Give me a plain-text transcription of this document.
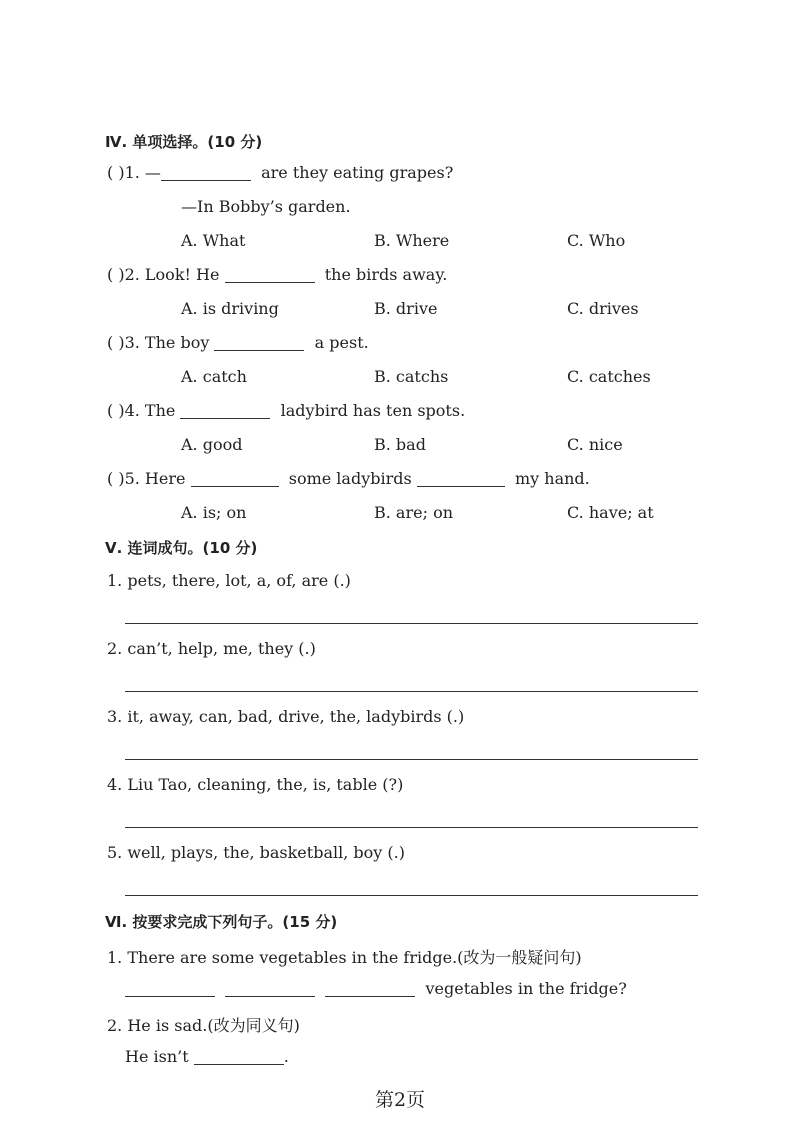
Ⅳ. 单项选择。(10 分)
( )1. —	are they eating grapes?
—In Bobby’s garden.
A. What	B. Where	C. Who
( )2. Look! He	the birds away.
A. is driving	B. drive	C. drives
( )3. The boy	a pest.
A. catch	B. catchs	C. catches
( )4. The	ladybird has ten spots.
A. good	B. bad	C. nice
( )5. Here	some ladybirds	my hand.
A. is; on	B. are; on	C. have; at
Ⅴ. 连词成句。(10 分)
1. pets, there, lot, a, of, are (.)
2. can’t, help, me, they (.)
3. it, away, can, bad, drive, the, ladybirds (.)
4. Liu Tao, cleaning, the, is, table (?)
5. well, plays, the, basketball, boy (.)
Ⅵ. 按要求完成下列句子。(15 分)
1. There are some vegetables in the fridge.(改为一般疑问句)
vegetables in the fridge?
2. He is sad.(改为同义句)
He isn’t	.
第2页
